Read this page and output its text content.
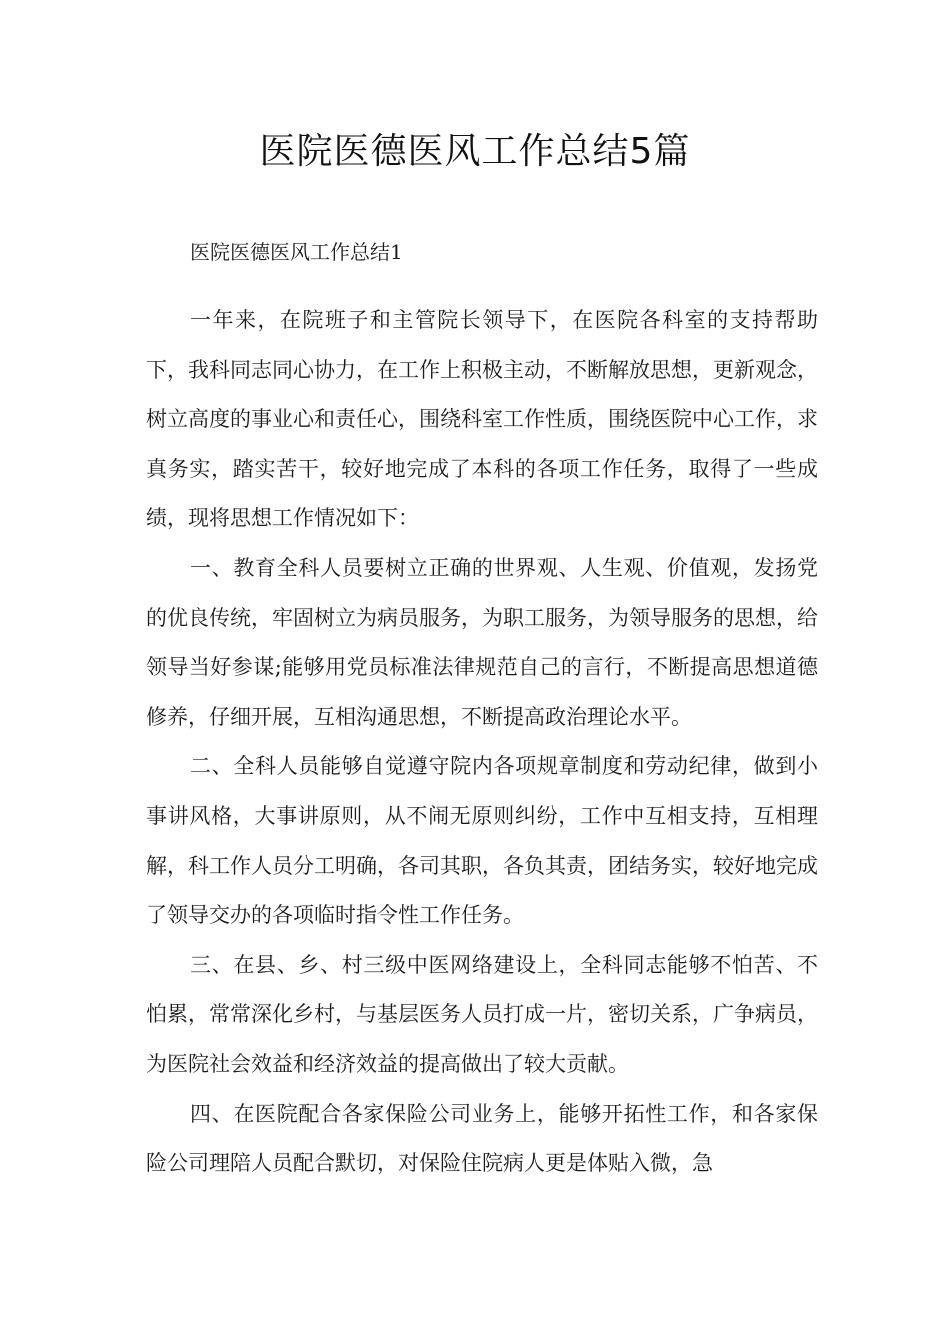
医院医德医风工作总结5篇

医院医德医风工作总结1

一年来，在院班子和主管院长领导下，在医院各科室的支持帮助下，我科同志同心协力，在工作上积极主动，不断解放思想，更新观念，树立高度的事业心和责任心，围绕科室工作性质，围绕医院中心工作，求真务实，踏实苦干，较好地完成了本科的各项工作任务，取得了一些成绩，现将思想工作情况如下：

一、教育全科人员要树立正确的世界观、人生观、价值观，发扬党的优良传统，牢固树立为病员服务，为职工服务，为领导服务的思想，给领导当好参谋;能够用党员标准法律规范自己的言行，不断提高思想道德修养，仔细开展，互相沟通思想，不断提高政治理论水平。

二、全科人员能够自觉遵守院内各项规章制度和劳动纪律，做到小事讲风格，大事讲原则，从不闹无原则纠纷，工作中互相支持，互相理解，科工作人员分工明确，各司其职，各负其责，团结务实，较好地完成了领导交办的各项临时指令性工作任务。

三、在县、乡、村三级中医网络建设上，全科同志能够不怕苦、不怕累，常常深化乡村，与基层医务人员打成一片，密切关系，广争病员，为医院社会效益和经济效益的提高做出了较大贡献。

四、在医院配合各家保险公司业务上，能够开拓性工作，和各家保险公司理陪人员配合默切，对保险住院病人更是体贴入微，急
